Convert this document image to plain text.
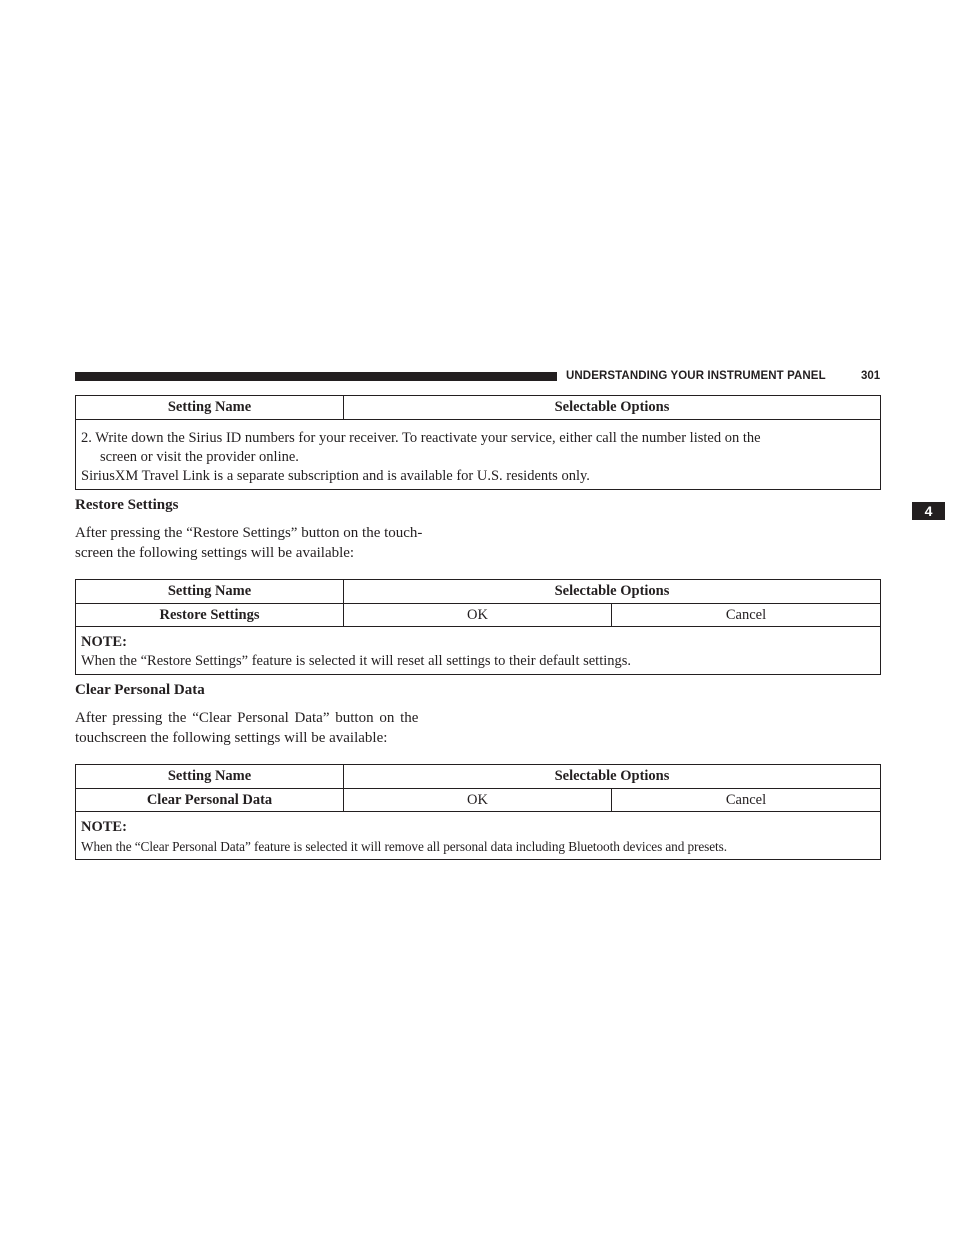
UNDERSTANDING YOUR INSTRUMENT PANEL	301
4
Setting Name	Selectable Options
2. Write down the Sirius ID numbers for your receiver. To reactivate your service, either call the number listed on the
screen or visit the provider online.
SiriusXM Travel Link is a separate subscription and is available for U.S. residents only.
Restore Settings
After pressing the “Restore Settings” button on the touch-
screen the following settings will be available:
Setting Name	Selectable Options
Restore Settings	OK	Cancel
NOTE:
When the “Restore Settings” feature is selected it will reset all settings to their default settings.
Clear Personal Data
After pressing the “Clear Personal Data” button on the
touchscreen the following settings will be available:
Setting Name	Selectable Options
Clear Personal Data	OK	Cancel
NOTE:
When the “Clear Personal Data” feature is selected it will remove all personal data including Bluetooth devices and presets.
